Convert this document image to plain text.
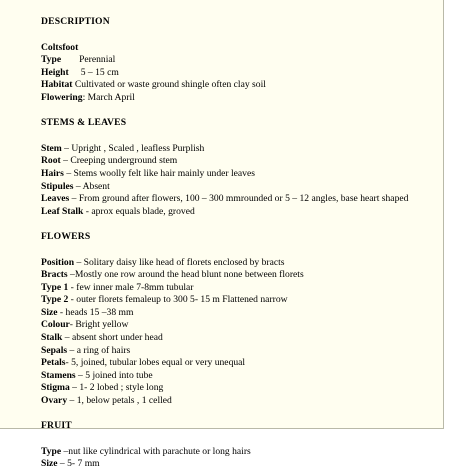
DESCRIPTION
Coltsfoot
Type Perennial
Height 5 – 15 cm
Habitat Cultivated or waste ground shingle often clay soil
Flowering: March April
STEMS & LEAVES
Stem – Upright , Scaled , leafless Purplish
Root – Creeping underground stem
Hairs – Stems woolly felt like hair mainly under leaves
Stipules – Absent
Leaves – From ground after flowers, 100 – 300 mmrounded or 5 – 12 angles, base heart shaped
Leaf Stalk - aprox equals blade, groved
FLOWERS
Position – Solitary daisy like head of florets enclosed by bracts
Bracts –Mostly one row around the head blunt none between florets
Type 1 - few inner male 7-8mm tubular
Type 2 - outer florets femaleup to 300 5- 15 m Flattened narrow
Size - heads 15 –38 mm
Colour- Bright yellow
Stalk – absent short under head
Sepals – a ring of hairs
Petals- 5, joined, tubular lobes equal or very unequal
Stamens – 5 joined into tube
Stigma – 1- 2 lobed ; style long
Ovary – 1, below petals , 1 celled
FRUIT
Type –nut like cylindrical with parachute or long hairs
Size – 5- 7 mm
